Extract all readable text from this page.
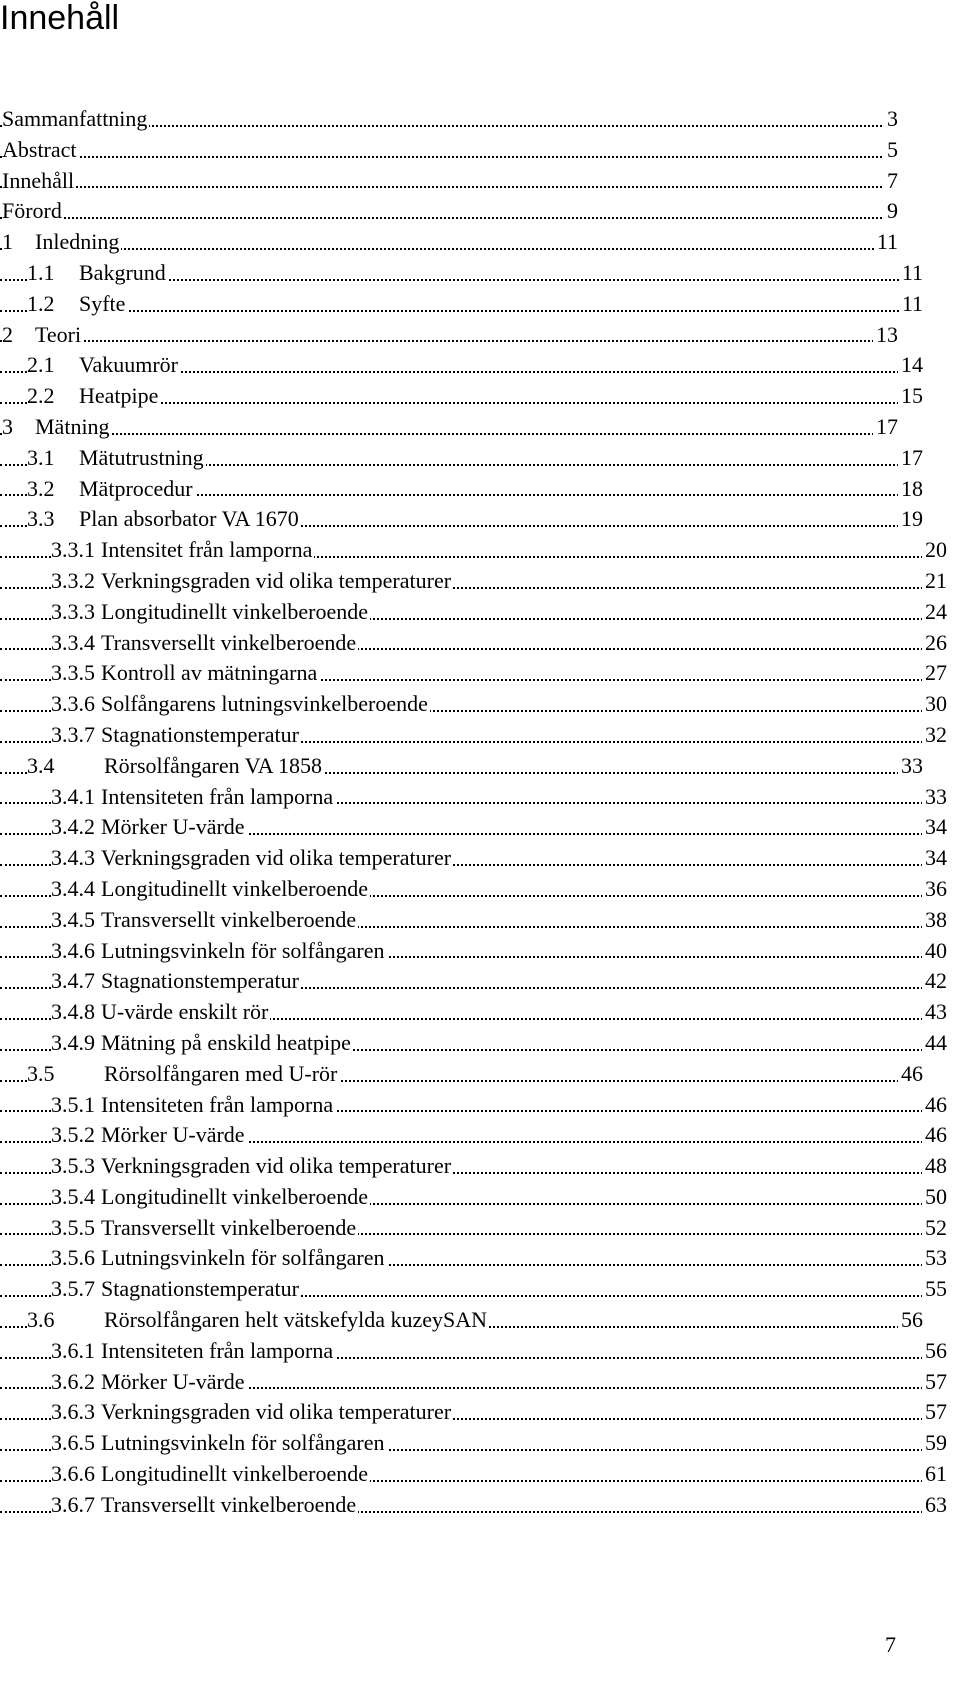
Innehåll
Sammanfattning	3
Abstract	5
Innehåll	7
Förord	9
1 Inledning	11
1.1 Bakgrund	11
1.2 Syfte	11
2 Teori	13
2.1 Vakuumrör	14
2.2 Heatpipe	15
3 Mätning	17
3.1 Mätutrustning	17
3.2 Mätprocedur	18
3.3 Plan absorbator VA 1670	19
3.3.1 Intensitet från lamporna	20
3.3.2 Verkningsgraden vid olika temperaturer	21
3.3.3 Longitudinellt vinkelberoende	24
3.3.4 Transversellt vinkelberoende	26
3.3.5 Kontroll av mätningarna	27
3.3.6 Solfångarens lutningsvinkelberoende	30
3.3.7 Stagnationstemperatur	32
3.4 Rörsolfångaren VA 1858	33
3.4.1 Intensiteten från lamporna	33
3.4.2 Mörker U-värde	34
3.4.3 Verkningsgraden vid olika temperaturer	34
3.4.4 Longitudinellt vinkelberoende	36
3.4.5 Transversellt vinkelberoende	38
3.4.6 Lutningsvinkeln för solfångaren	40
3.4.7 Stagnationstemperatur	42
3.4.8 U-värde enskilt rör	43
3.4.9 Mätning på enskild heatpipe	44
3.5 Rörsolfångaren med U-rör	46
3.5.1 Intensiteten från lamporna	46
3.5.2 Mörker U-värde	46
3.5.3 Verkningsgraden vid olika temperaturer	48
3.5.4 Longitudinellt vinkelberoende	50
3.5.5 Transversellt vinkelberoende	52
3.5.6 Lutningsvinkeln för solfångaren	53
3.5.7 Stagnationstemperatur	55
3.6 Rörsolfångaren helt vätskefylda kuzeySAN	56
3.6.1 Intensiteten från lamporna	56
3.6.2 Mörker U-värde	57
3.6.3 Verkningsgraden vid olika temperaturer	57
3.6.5 Lutningsvinkeln för solfångaren	59
3.6.6 Longitudinellt vinkelberoende	61
3.6.7 Transversellt vinkelberoende	63
7
